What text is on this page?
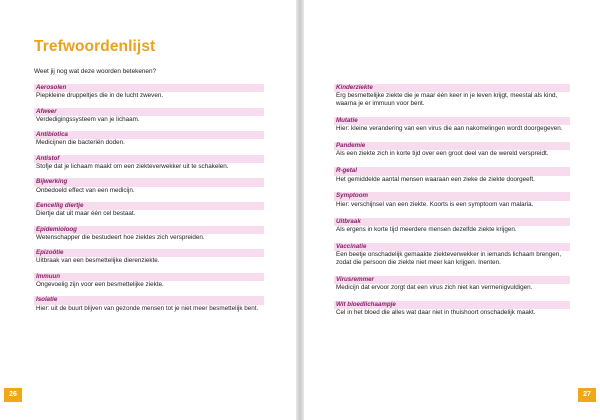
Trefwoordenlijst
Weet jij nog wat deze woorden betekenen?
Aerosolen
Piepkleine druppeltjes die in de lucht zweven.
Afweer
Verdedigingssysteem van je lichaam.
Antibiotica
Medicijnen die bacteriën doden.
Antistof
Stofje dat je lichaam maakt om een ziekteverwekker uit te schakelen.
Bijwerking
Onbedoeld effect van een medicijn.
Eencellig diertje
Diertje dat uit maar één cel bestaat.
Epidemioloog
Wetenschapper die bestudeert hoe ziektes zich verspreiden.
Epizoötie
Uitbraak van een besmettelijke dierenziekte.
Immuun
Ongevoelig zijn voor een besmettelijke ziekte.
Isolatie
Hier: uit de buurt blijven van gezonde mensen tot je niet meer besmettelijk bent.
26
Kinderziekte
Erg besmettelijke ziekte die je maar één keer in je leven krijgt, meestal als kind, waarna je er immuun voor bent.
Mutatie
Hier: kleine verandering van een virus die aan nakomelingen wordt doorgegeven.
Pandemie
Als een ziekte zich in korte tijd over een groot deel van de wereld verspreidt.
R-getal
Het gemiddelde aantal mensen waaraan een zieke de ziekte doorgeeft.
Symptoom
Hier: verschijnsel van een ziekte. Koorts is een symptoom van malaria.
Uitbraak
Als ergens in korte tijd meerdere mensen dezelfde ziekte krijgen.
Vaccinatie
Een beetje onschadelijk gemaakte ziekteverwekker in iemands lichaam brengen, zodat die persoon die ziekte niet meer kan krijgen. Inenten.
Virusremmer
Medicijn dat ervoor zorgt dat een virus zich niet kan vermenigvuldigen.
Wit bloedlichaampje
Cel in het bloed die alles wat daar niet in thuishoort onschadelijk maakt.
27
